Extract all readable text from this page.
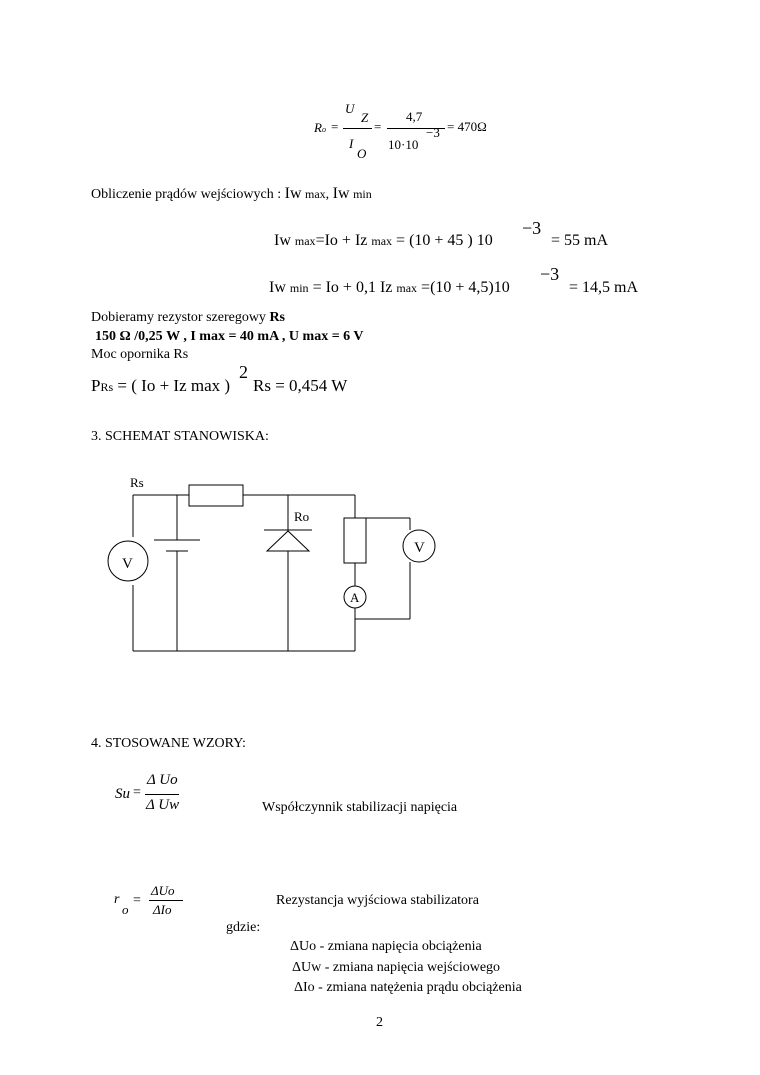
R o =
U
Z
I
O
=
4,7
10·10
−3 = 470Ω
Obliczenie prądów wejściowych : Iw max, Iw min
Iw max=Io + Iz max = (10 + 45 ) 10
−3
= 55 mA
Iw min = Io + 0,1 Iz max =(10 + 4,5)10
−3
= 14,5 mA
Dobieramy rezystor szeregowy Rs
150 Ω /0,25 W , I max = 40 mA , U max = 6 V
Moc opornika Rs
PRs = ( Io + Iz max )
2
Rs = 0,454 W
3. SCHEMAT STANOWISKA:
Rs
Ro
V
V
A
4. STOSOWANE WZORY:
Su =
Δ Uo
Δ Uw	Współczynnik stabilizacji napięcia
r
o
=
ΔUo
ΔIo
Rezystancja wyjściowa stabilizatora
gdzie:
ΔUo - zmiana napięcia obciążenia
ΔUw - zmiana napięcia wejściowego
ΔIo - zmiana natężenia prądu obciążenia
2
